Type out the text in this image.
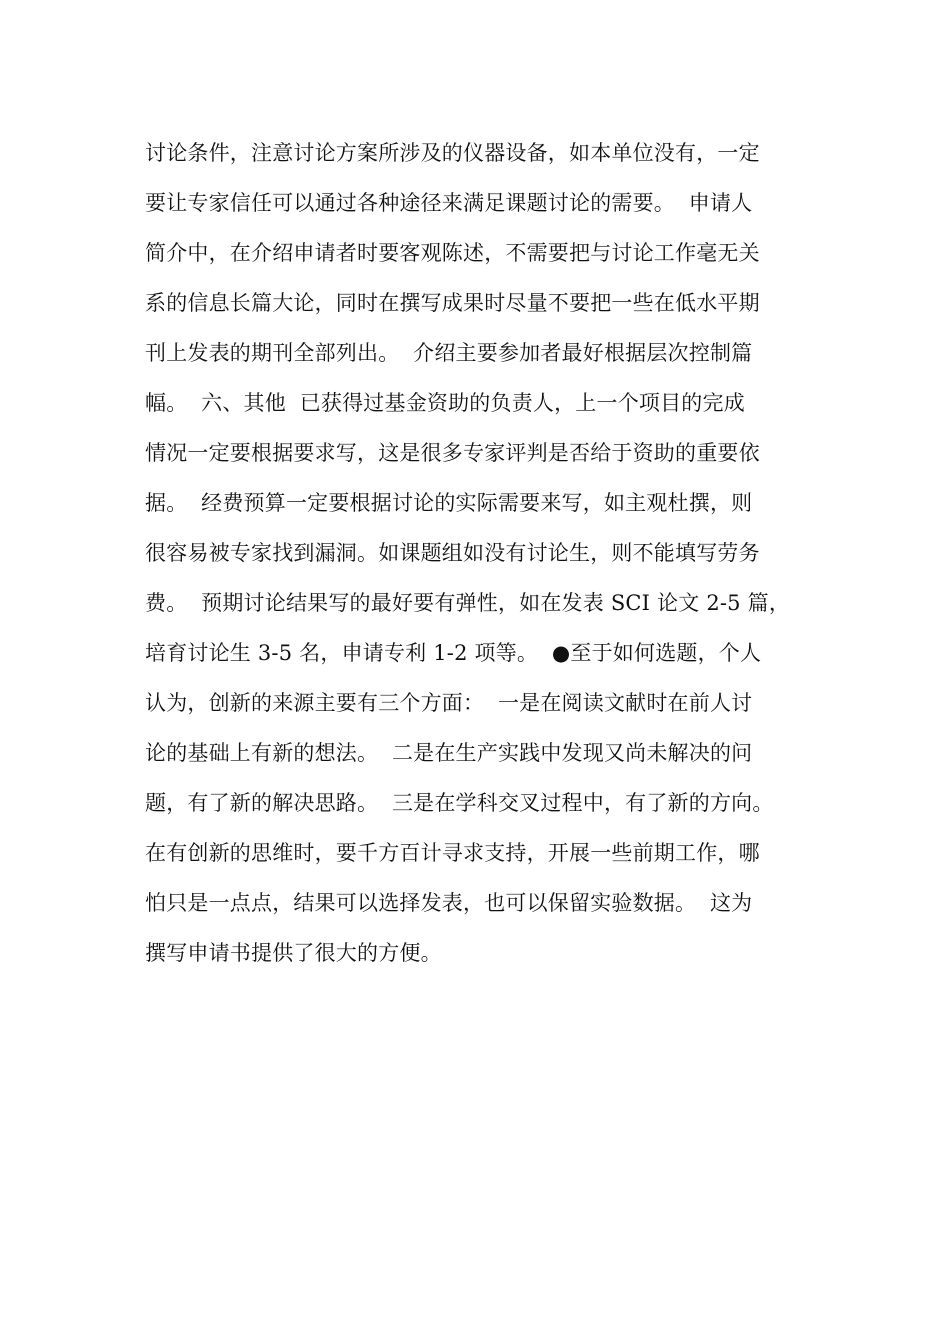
讨论条件，注意讨论方案所涉及的仪器设备，如本单位没有，一定
要让专家信任可以通过各种途径来满足课题讨论的需要。  申请人
简介中，在介绍申请者时要客观陈述，不需要把与讨论工作毫无关
系的信息长篇大论，同时在撰写成果时尽量不要把一些在低水平期
刊上发表的期刊全部列出。  介绍主要参加者最好根据层次控制篇
幅。  六、其他  已获得过基金资助的负责人，上一个项目的完成
情况一定要根据要求写，这是很多专家评判是否给于资助的重要依
据。  经费预算一定要根据讨论的实际需要来写，如主观杜撰，则
很容易被专家找到漏洞。如课题组如没有讨论生，则不能填写劳务
费。  预期讨论结果写的最好要有弹性，如在发表 SCI 论文 2-5 篇，
培育讨论生 3-5 名，申请专利 1-2 项等。  ●至于如何选题，个人
认为，创新的来源主要有三个方面：  一是在阅读文献时在前人讨
论的基础上有新的想法。  二是在生产实践中发现又尚未解决的问
题，有了新的解决思路。  三是在学科交叉过程中，有了新的方向。
在有创新的思维时，要千方百计寻求支持，开展一些前期工作，哪
怕只是一点点，结果可以选择发表，也可以保留实验数据。  这为
撰写申请书提供了很大的方便。
